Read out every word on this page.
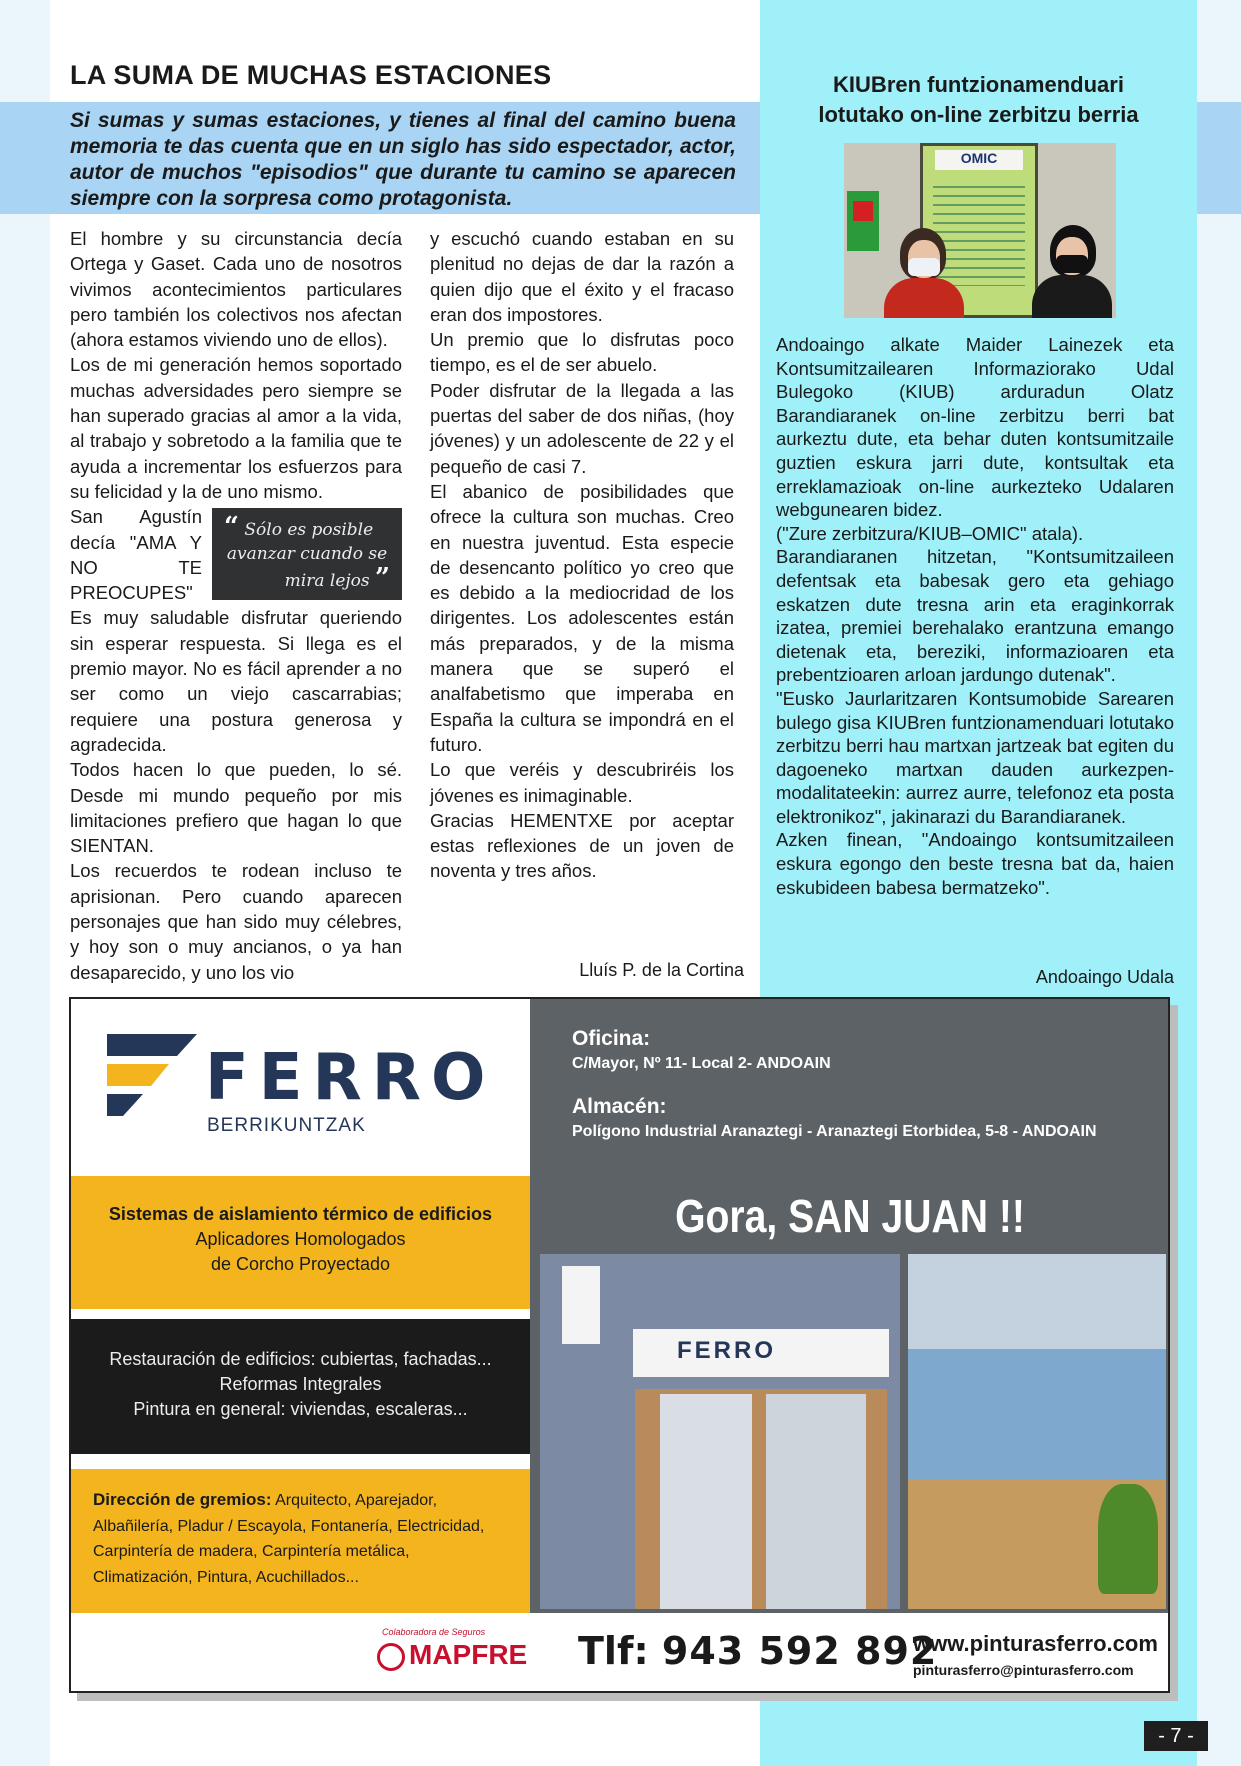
LA SUMA DE MUCHAS ESTACIONES

Si sumas y sumas estaciones, y tienes al final del camino buena memoria te das cuenta que en un siglo has sido espectador, actor, autor de muchos "episodios" que durante tu camino se aparecen siempre con la sorpresa como protagonista.

El hombre y su circunstancia decía Ortega y Gaset. Cada uno de nosotros vivimos acontecimientos particulares pero también los colectivos nos afectan (ahora estamos viviendo uno de ellos).

Los de mi generación hemos soportado muchas adversidades pero siempre se han superado gracias al amor a la vida, al trabajo y sobretodo a la familia que te ayuda a incrementar los esfuerzos para su felicidad y la de uno mismo.

“ Sólo es posible
avanzar cuando se
mira lejos ”

San Agustín decía "AMA Y NO TE PREOCUPES"

Es muy saludable disfrutar queriendo sin esperar respuesta. Si llega es el premio mayor. No es fácil aprender a no ser como un viejo cascarrabias; requiere una postura generosa y agradecida.

Todos hacen lo que pueden, lo sé. Desde mi mundo pequeño por mis limitaciones prefiero que hagan lo que SIENTAN.

Los recuerdos te rodean incluso te aprisionan. Pero cuando aparecen personajes que han sido muy célebres, y hoy son o muy ancianos, o ya han desaparecido, y uno los vio

y escuchó cuando estaban en su plenitud no dejas de dar la razón a quien dijo que el éxito y el fracaso eran dos impostores.

Un premio que lo disfrutas poco tiempo, es el de ser abuelo.

Poder disfrutar de la llegada a las puertas del saber de dos niñas, (hoy jóvenes) y un adolescente de 22 y el pequeño de casi 7.

El abanico de posibilidades que ofrece la cultura son muchas. Creo en nuestra juventud. Esta especie de desencanto político yo creo que es debido a la mediocridad de los dirigentes. Los adolescentes están más preparados, y de la misma manera que se superó el analfabetismo que imperaba en España la cultura se impondrá en el futuro.

Lo que veréis y descubriréis los jóvenes es inimaginable.

Gracias HEMENTXE por aceptar estas reflexiones de un joven de noventa y tres años.

Lluís P. de la Cortina
KIUBren funtzionamenduari
lotutako on-line zerbitzu berria
OMIC

Andoaingo alkate Maider Lainezek eta Kontsumitzailearen Informaziorako Udal Bulegoko (KIUB) arduradun Olatz Barandiaranek on-line zerbitzu berri bat aurkeztu dute, eta behar duten kontsumitzaile guztien eskura jarri dute, kontsultak eta erreklamazioak on-line aurkezteko Udalaren webgunearen bidez.

("Zure zerbitzura/KIUB–OMIC" atala).

Barandiaranen hitzetan, "Kontsumitzaileen defentsak eta babesak gero eta gehiago eskatzen dute tresna arin eta eraginkorrak izatea, premiei berehalako erantzuna emango dietenak eta, bereziki, informazioaren eta prebentzioaren arloan jardungo dutenak".

"Eusko Jaurlaritzaren Kontsumobide Sarearen bulego gisa KIUBren funtzionamenduari lotutako zerbitzu berri hau martxan jartzeak bat egiten du dagoeneko martxan dauden aurkezpen-modalitateekin: aurrez aurre, telefonoz eta posta elektronikoz", jakinarazi du Barandiaranek.

Azken finean, "Andoaingo kontsumitzaileen eskura egongo den beste tresna bat da, haien eskubideen babesa bermatzeko".

Andoaingo Udala
FERRO
BERRIKUNTZAK
Sistemas de aislamiento térmico de edificios
Aplicadores Homologados
de Corcho Proyectado
Restauración de edificios: cubiertas, fachadas...
Reformas Integrales
Pintura en general: viviendas, escaleras...
Dirección de gremios: Arquitecto, Aparejador, Albañilería, Pladur / Escayola, Fontanería, Electricidad, Carpintería de madera, Carpintería metálica, Climatización, Pintura, Acuchillados...
Oficina:
C/Mayor, Nº 11- Local 2- ANDOAIN
Almacén:
Polígono Industrial Aranaztegi - Aranaztegi Etorbidea, 5-8 - ANDOAIN
Gora, SAN JUAN !!
FERRO
Colaboradora de Seguros
MAPFRE Tlf: 943 592 892
www.pinturasferro.com
pinturasferro@pinturasferro.com
- 7 -
